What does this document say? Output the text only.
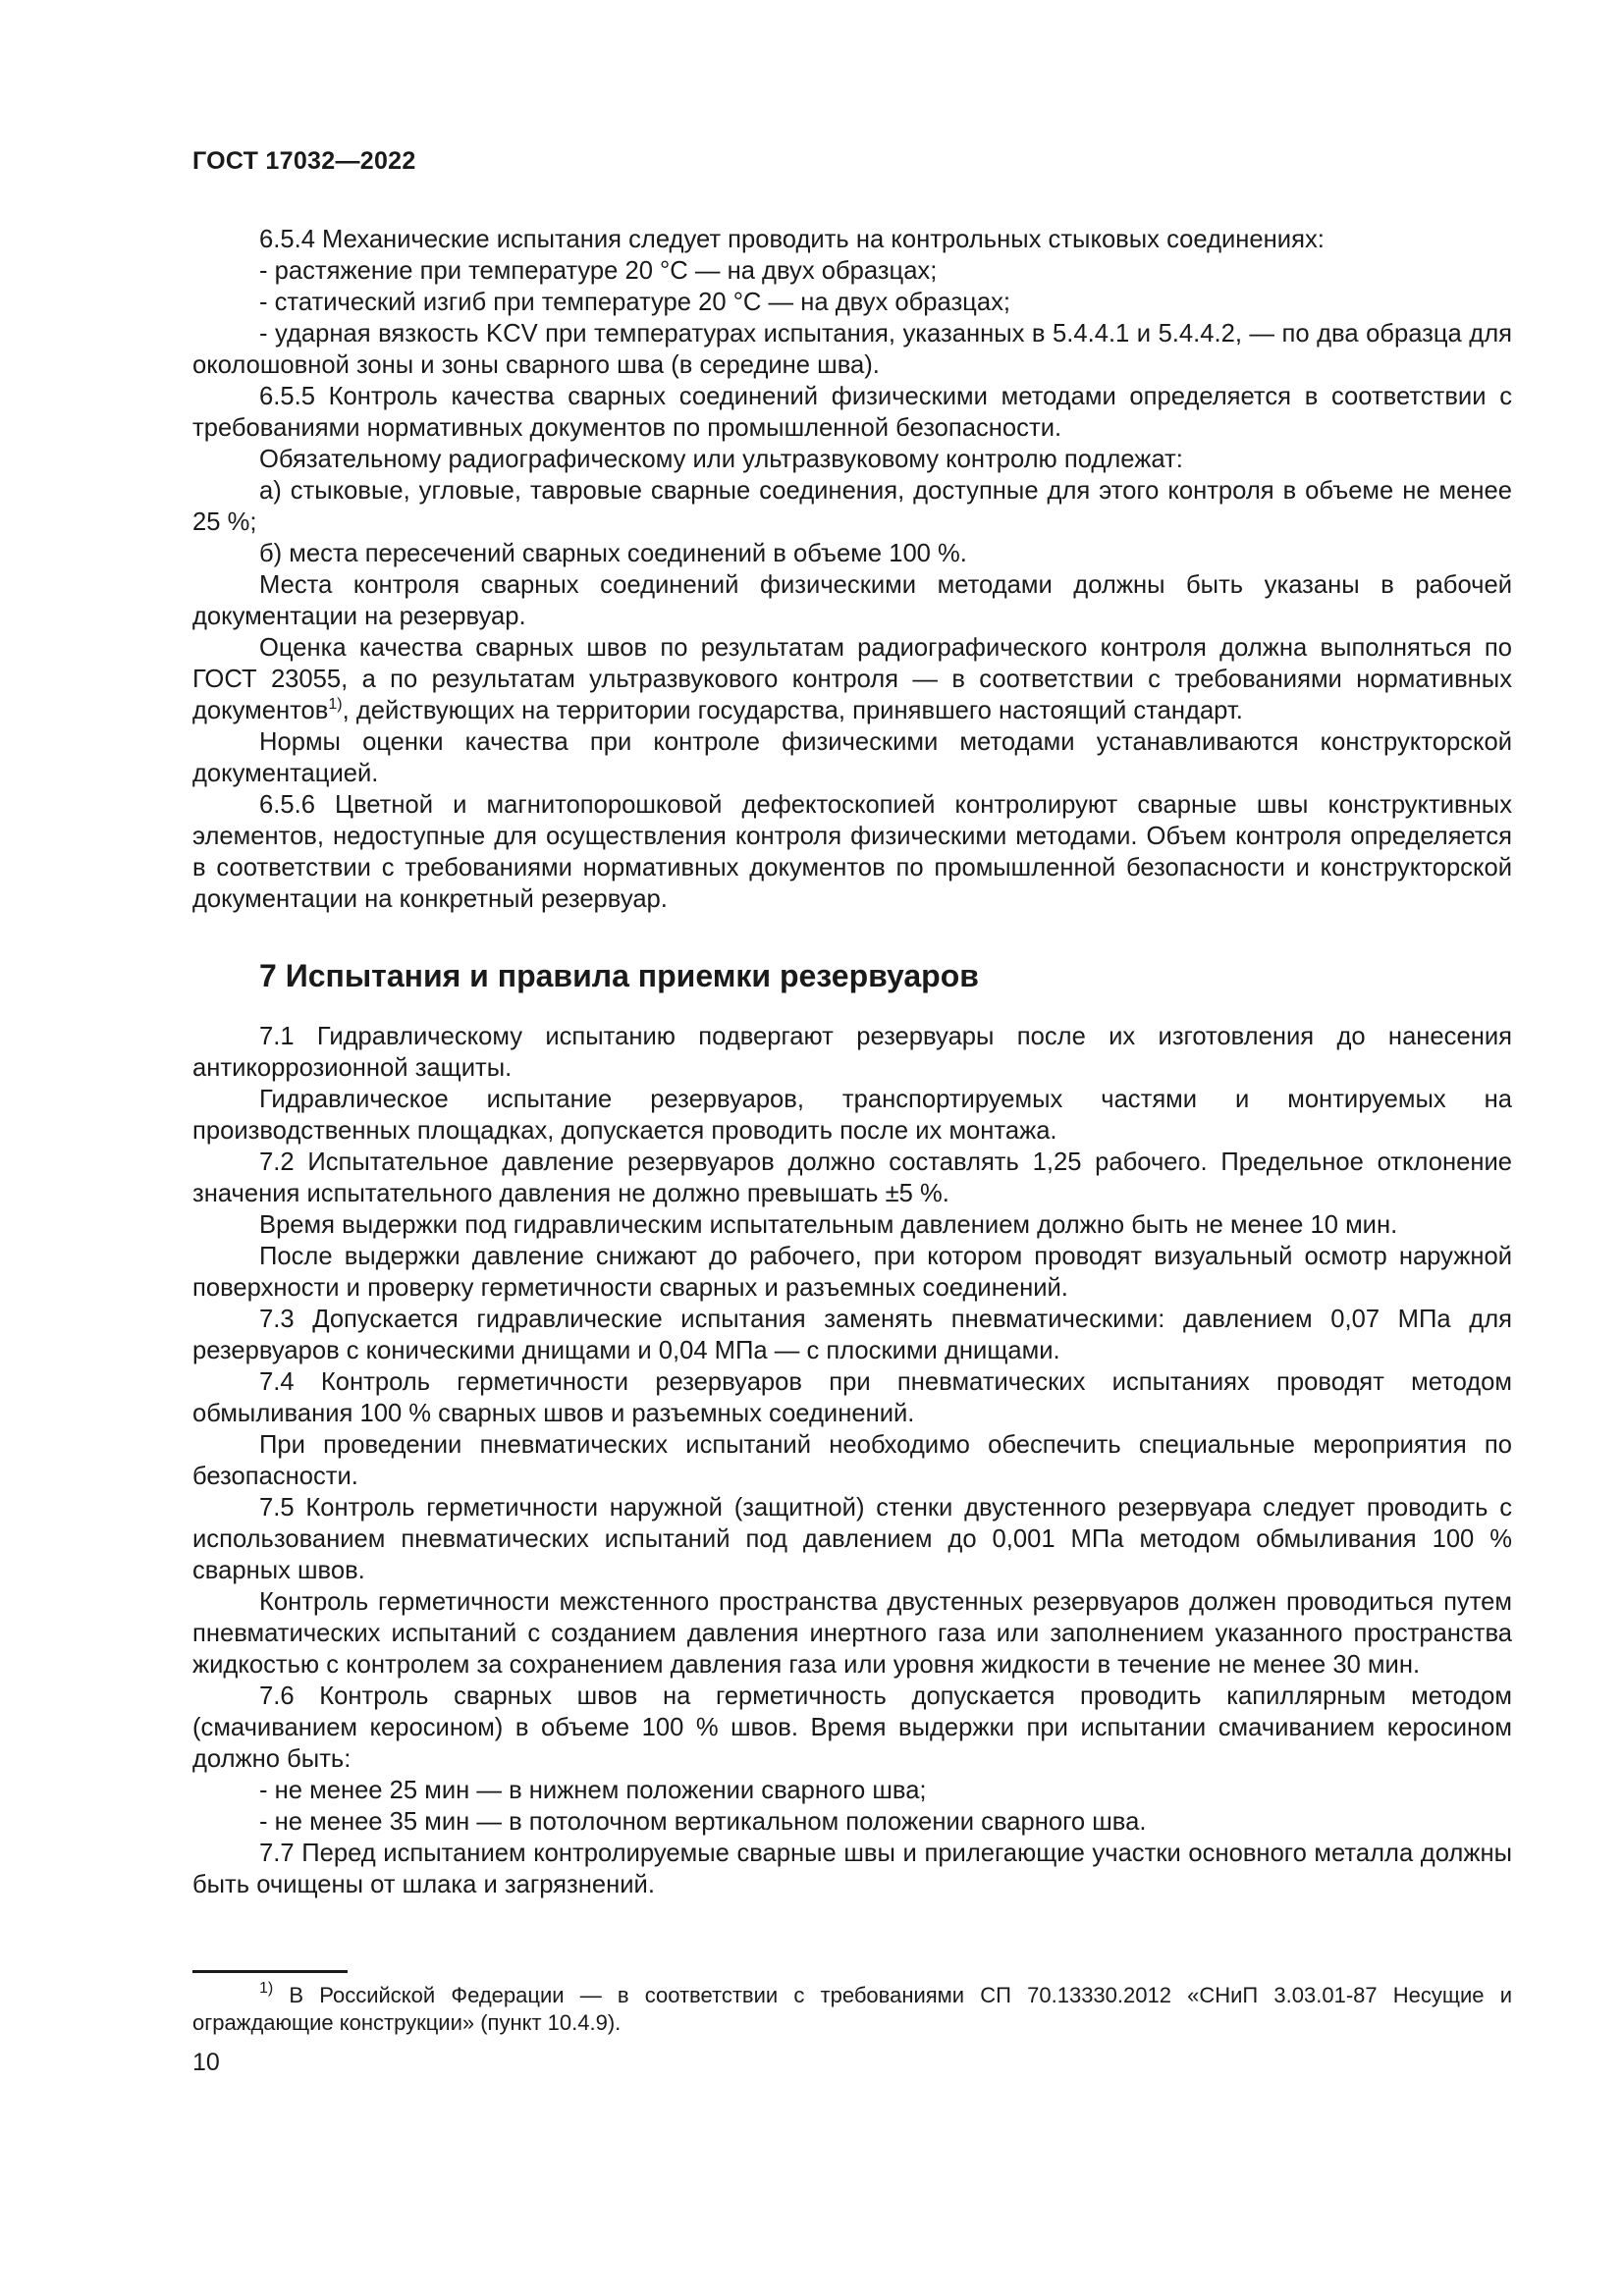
ГОСТ 17032—2022

6.5.4 Механические испытания следует проводить на контрольных стыковых соединениях:

- растяжение при температуре 20 °С — на двух образцах;

- статический изгиб при температуре 20 °С — на двух образцах;

- ударная вязкость KCV при температурах испытания, указанных в 5.4.4.1 и 5.4.4.2, — по два образца для околошовной зоны и зоны сварного шва (в середине шва).

6.5.5 Контроль качества сварных соединений физическими методами определяется в соответствии с требованиями нормативных документов по промышленной безопасности.

Обязательному радиографическому или ультразвуковому контролю подлежат:

а) стыковые, угловые, тавровые сварные соединения, доступные для этого контроля в объеме не менее 25 %;

б) места пересечений сварных соединений в объеме 100 %.

Места контроля сварных соединений физическими методами должны быть указаны в рабочей документации на резервуар.

Оценка качества сварных швов по результатам радиографического контроля должна выполняться по ГОСТ 23055, а по результатам ультразвукового контроля — в соответствии с требованиями нормативных документов$^{1)}$, действующих на территории государства, принявшего настоящий стандарт.

Нормы оценки качества при контроле физическими методами устанавливаются конструкторской документацией.

6.5.6 Цветной и магнитопорошковой дефектоскопией контролируют сварные швы конструктивных элементов, недоступные для осуществления контроля физическими методами. Объем контроля определяется в соответствии с требованиями нормативных документов по промышленной безопасности и конструкторской документации на конкретный резервуар.

7 Испытания и правила приемки резервуаров

7.1 Гидравлическому испытанию подвергают резервуары после их изготовления до нанесения антикоррозионной защиты.

Гидравлическое испытание резервуаров, транспортируемых частями и монтируемых на производственных площадках, допускается проводить после их монтажа.

7.2 Испытательное давление резервуаров должно составлять 1,25 рабочего. Предельное отклонение значения испытательного давления не должно превышать ±5 %.

Время выдержки под гидравлическим испытательным давлением должно быть не менее 10 мин.

После выдержки давление снижают до рабочего, при котором проводят визуальный осмотр наружной поверхности и проверку герметичности сварных и разъемных соединений.

7.3 Допускается гидравлические испытания заменять пневматическими: давлением 0,07 МПа для резервуаров с коническими днищами и 0,04 МПа — с плоскими днищами.

7.4 Контроль герметичности резервуаров при пневматических испытаниях проводят методом обмыливания 100 % сварных швов и разъемных соединений.

При проведении пневматических испытаний необходимо обеспечить специальные мероприятия по безопасности.

7.5 Контроль герметичности наружной (защитной) стенки двустенного резервуара следует проводить с использованием пневматических испытаний под давлением до 0,001 МПа методом обмыливания 100 % сварных швов.

Контроль герметичности межстенного пространства двустенных резервуаров должен проводиться путем пневматических испытаний с созданием давления инертного газа или заполнением указанного пространства жидкостью с контролем за сохранением давления газа или уровня жидкости в течение не менее 30 мин.

7.6 Контроль сварных швов на герметичность допускается проводить капиллярным методом (смачиванием керосином) в объеме 100 % швов. Время выдержки при испытании смачиванием керосином должно быть:

- не менее 25 мин — в нижнем положении сварного шва;

- не менее 35 мин — в потолочном вертикальном положении сварного шва.

7.7 Перед испытанием контролируемые сварные швы и прилегающие участки основного металла должны быть очищены от шлака и загрязнений.

$^{1)}$ В Российской Федерации — в соответствии с требованиями СП 70.13330.2012 «СНиП 3.03.01-87 Несущие и ограждающие конструкции» (пункт 10.4.9).
10
